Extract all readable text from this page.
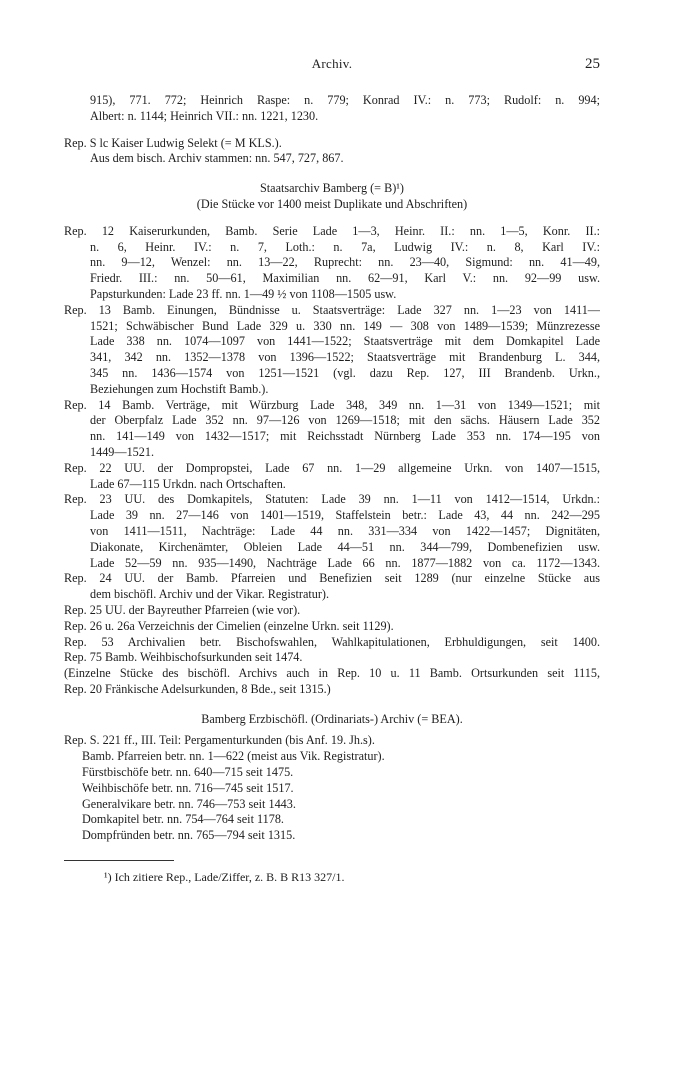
Archiv.	25
915), 771. 772; Heinrich Raspe: n. 779; Konrad IV.: n. 773; Rudolf: n. 994;
Albert: n. 1144; Heinrich VII.: nn. 1221, 1230.
Rep. S lc Kaiser Ludwig Selekt (= M KLS.).
Aus dem bisch. Archiv stammen: nn. 547, 727, 867.
Staatsarchiv Bamberg (= B)¹)
(Die Stücke vor 1400 meist Duplikate und Abschriften)
Rep. 12 Kaiserurkunden, Bamb. Serie Lade 1—3, Heinr. II.: nn. 1—5, Konr. II.:
n. 6, Heinr. IV.: n. 7, Loth.: n. 7a, Ludwig IV.: n. 8, Karl IV.:
nn. 9—12, Wenzel: nn. 13—22, Ruprecht: nn. 23—40, Sigmund: nn. 41—49,
Friedr. III.: nn. 50—61, Maximilian nn. 62—91, Karl V.: nn. 92—99 usw.
Papsturkunden: Lade 23 ff. nn. 1—49 ½ von 1108—1505 usw.
Rep. 13 Bamb. Einungen, Bündnisse u. Staatsverträge: Lade 327 nn. 1—23 von 1411—
1521; Schwäbischer Bund Lade 329 u. 330 nn. 149 — 308 von 1489—1539; Münzrezesse
Lade 338 nn. 1074—1097 von 1441—1522; Staatsverträge mit dem Domkapitel Lade
341, 342 nn. 1352—1378 von 1396—1522; Staatsverträge mit Brandenburg L. 344,
345 nn. 1436—1574 von 1251—1521 (vgl. dazu Rep. 127, III Brandenb. Urkn.,
Beziehungen zum Hochstift Bamb.).
Rep. 14 Bamb. Verträge, mit Würzburg Lade 348, 349 nn. 1—31 von 1349—1521; mit
der Oberpfalz Lade 352 nn. 97—126 von 1269—1518; mit den sächs. Häusern Lade 352
nn. 141—149 von 1432—1517; mit Reichsstadt Nürnberg Lade 353 nn. 174—195 von
1449—1521.
Rep. 22 UU. der Dompropstei, Lade 67 nn. 1—29 allgemeine Urkn. von 1407—1515,
Lade 67—115 Urkdn. nach Ortschaften.
Rep. 23 UU. des Domkapitels, Statuten: Lade 39 nn. 1—11 von 1412—1514, Urkdn.:
Lade 39 nn. 27—146 von 1401—1519, Staffelstein betr.: Lade 43, 44 nn. 242—295
von 1411—1511, Nachträge: Lade 44 nn. 331—334 von 1422—1457; Dignitäten,
Diakonate, Kirchenämter, Obleien Lade 44—51 nn. 344—799, Dombenefizien usw.
Lade 52—59 nn. 935—1490, Nachträge Lade 66 nn. 1877—1882 von ca. 1172—1343.
Rep. 24 UU. der Bamb. Pfarreien und Benefizien seit 1289 (nur einzelne Stücke aus
dem bischöfl. Archiv und der Vikar. Registratur).
Rep. 25 UU. der Bayreuther Pfarreien (wie vor).
Rep. 26 u. 26a Verzeichnis der Cimelien (einzelne Urkn. seit 1129).
Rep. 53 Archivalien betr. Bischofswahlen, Wahlkapitulationen, Erbhuldigungen, seit 1400.
Rep. 75 Bamb. Weihbischofsurkunden seit 1474.
(Einzelne Stücke des bischöfl. Archivs auch in Rep. 10 u. 11 Bamb. Ortsurkunden seit 1115,
Rep. 20 Fränkische Adelsurkunden, 8 Bde., seit 1315.)
Bamberg Erzbischöfl. (Ordinariats-) Archiv (= BEA).
Rep. S. 221 ff., III. Teil: Pergamenturkunden (bis Anf. 19. Jh.s).
Bamb. Pfarreien betr. nn. 1—622 (meist aus Vik. Registratur).
Fürstbischöfe betr. nn. 640—715 seit 1475.
Weihbischöfe betr. nn. 716—745 seit 1517.
Generalvikare betr. nn. 746—753 seit 1443.
Domkapitel betr. nn. 754—764 seit 1178.
Dompfründen betr. nn. 765—794 seit 1315.
¹) Ich zitiere Rep., Lade/Ziffer, z. B. B R13 327/1.
